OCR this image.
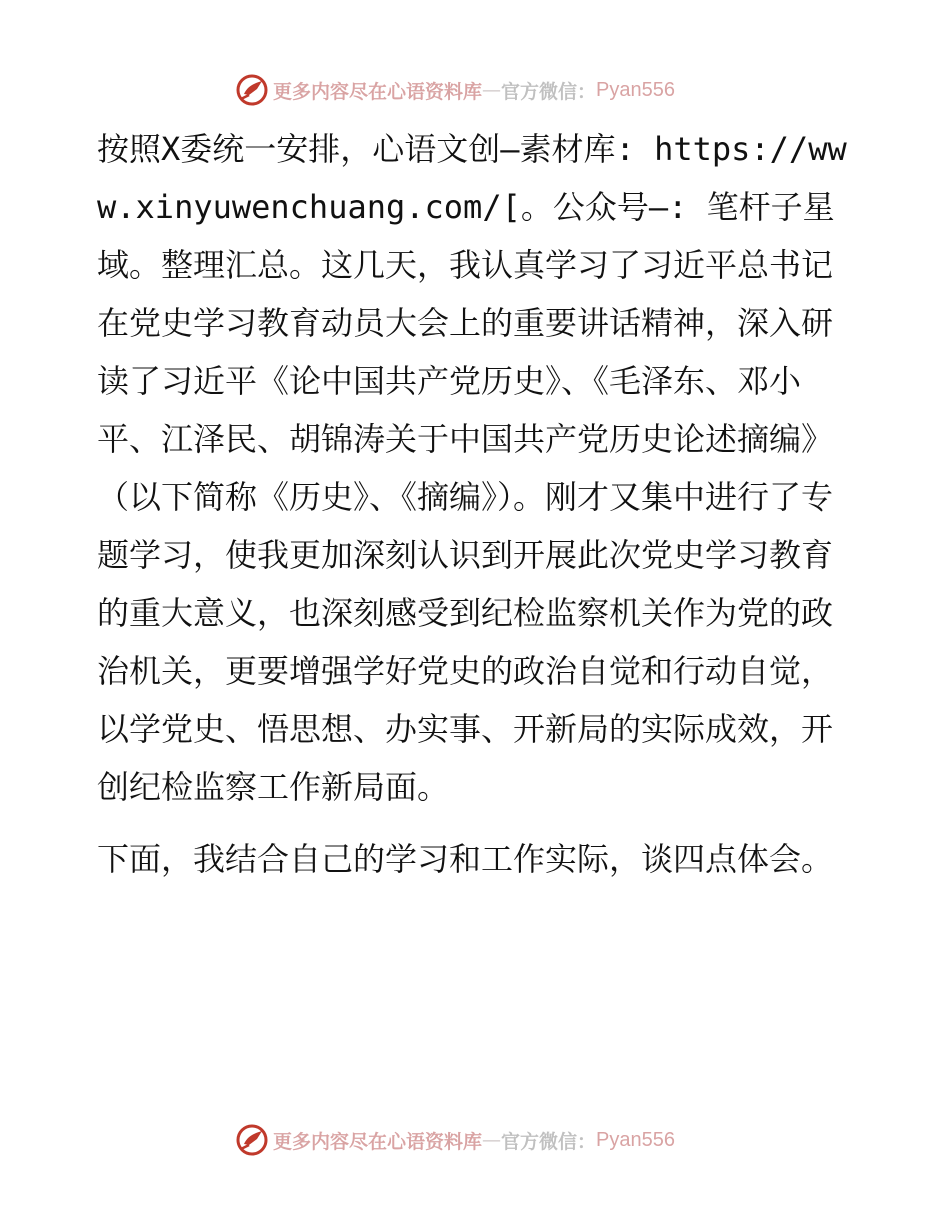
更多内容尽在心语资料库 — 官方微信： Pyan556

按照X委统一安排，心语文创—素材库: https://www.xinyuwenchuang.com/[。公众号—: 笔杆子星域。整理汇总。这几天，我认真学习了习近平总书记在党史学习教育动员大会上的重要讲话精神，深入研读了习近平《论中国共产党历史》、《毛泽东、邓小平、江泽民、胡锦涛关于中国共产党历史论述摘编》（以下简称《历史》、《摘编》）。刚才又集中进行了专题学习，使我更加深刻认识到开展此次党史学习教育的重大意义，也深刻感受到纪检监察机关作为党的政治机关，更要增强学好党史的政治自觉和行动自觉，以学党史、悟思想、办实事、开新局的实际成效，开创纪检监察工作新局面。

下面，我结合自己的学习和工作实际，谈四点体会。

更多内容尽在心语资料库 — 官方微信： Pyan556
